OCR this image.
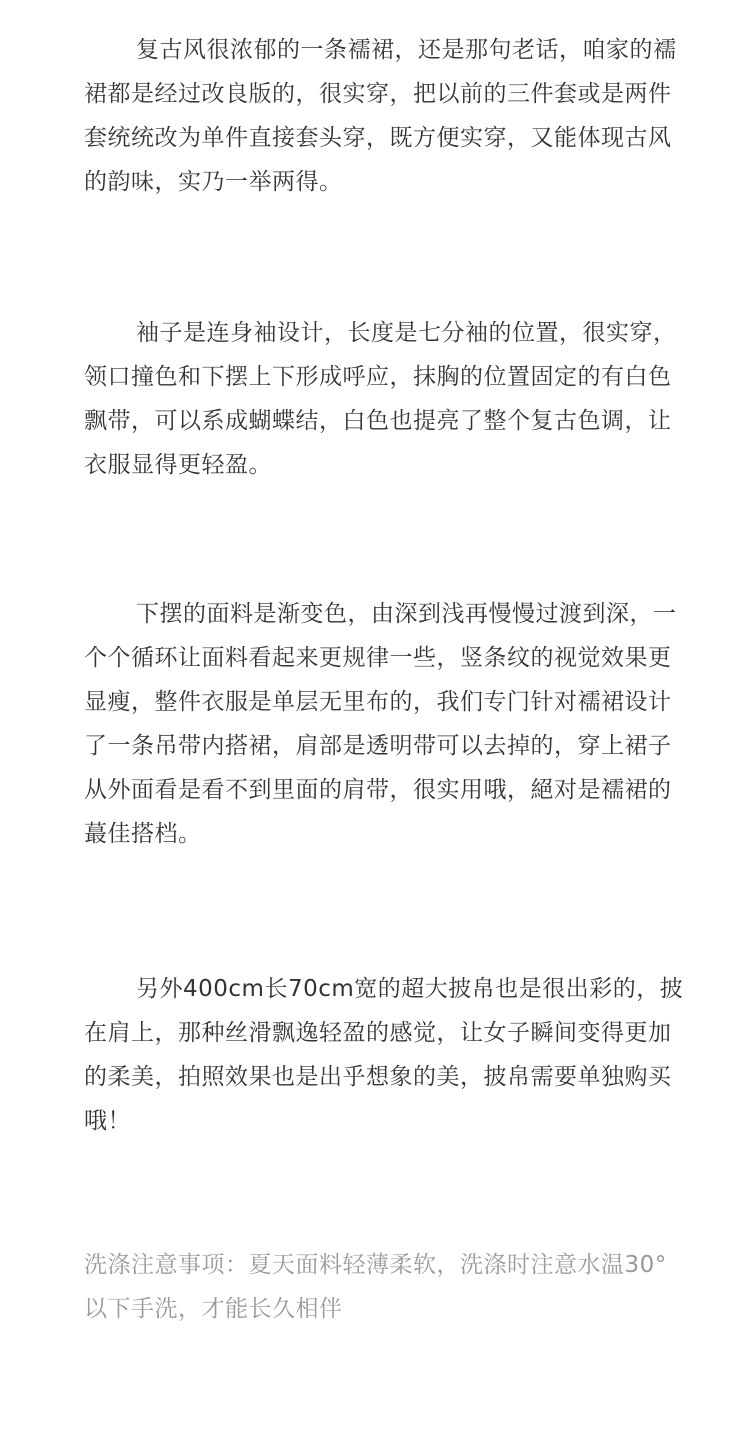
复古风很浓郁的一条襦裙，还是那句老话，咱家的襦裙都是经过改良版的，很实穿，把以前的三件套或是两件套统统改为单件直接套头穿，既方便实穿，又能体现古风的韵味，实乃一举两得。

袖子是连身袖设计，长度是七分袖的位置，很实穿，领口撞色和下摆上下形成呼应，抹胸的位置固定的有白色飘带，可以系成蝴蝶结，白色也提亮了整个复古色调，让衣服显得更轻盈。

下摆的面料是渐变色，由深到浅再慢慢过渡到深，一个个循环让面料看起来更规律一些，竖条纹的视觉效果更显瘦，整件衣服是单层无里布的，我们专门针对襦裙设计了一条吊带内搭裙，肩部是透明带可以去掉的，穿上裙子从外面看是看不到里面的肩带，很实用哦，絕对是襦裙的蕞佳搭档。

另外400cm长70cm宽的超大披帛也是很出彩的，披在肩上，那种丝滑飘逸轻盈的感觉，让女子瞬间变得更加的柔美，拍照效果也是出乎想象的美，披帛需要单独购买哦！

洗涤注意事项：夏天面料轻薄柔软，洗涤时注意水温30°以下手洗，才能长久相伴
